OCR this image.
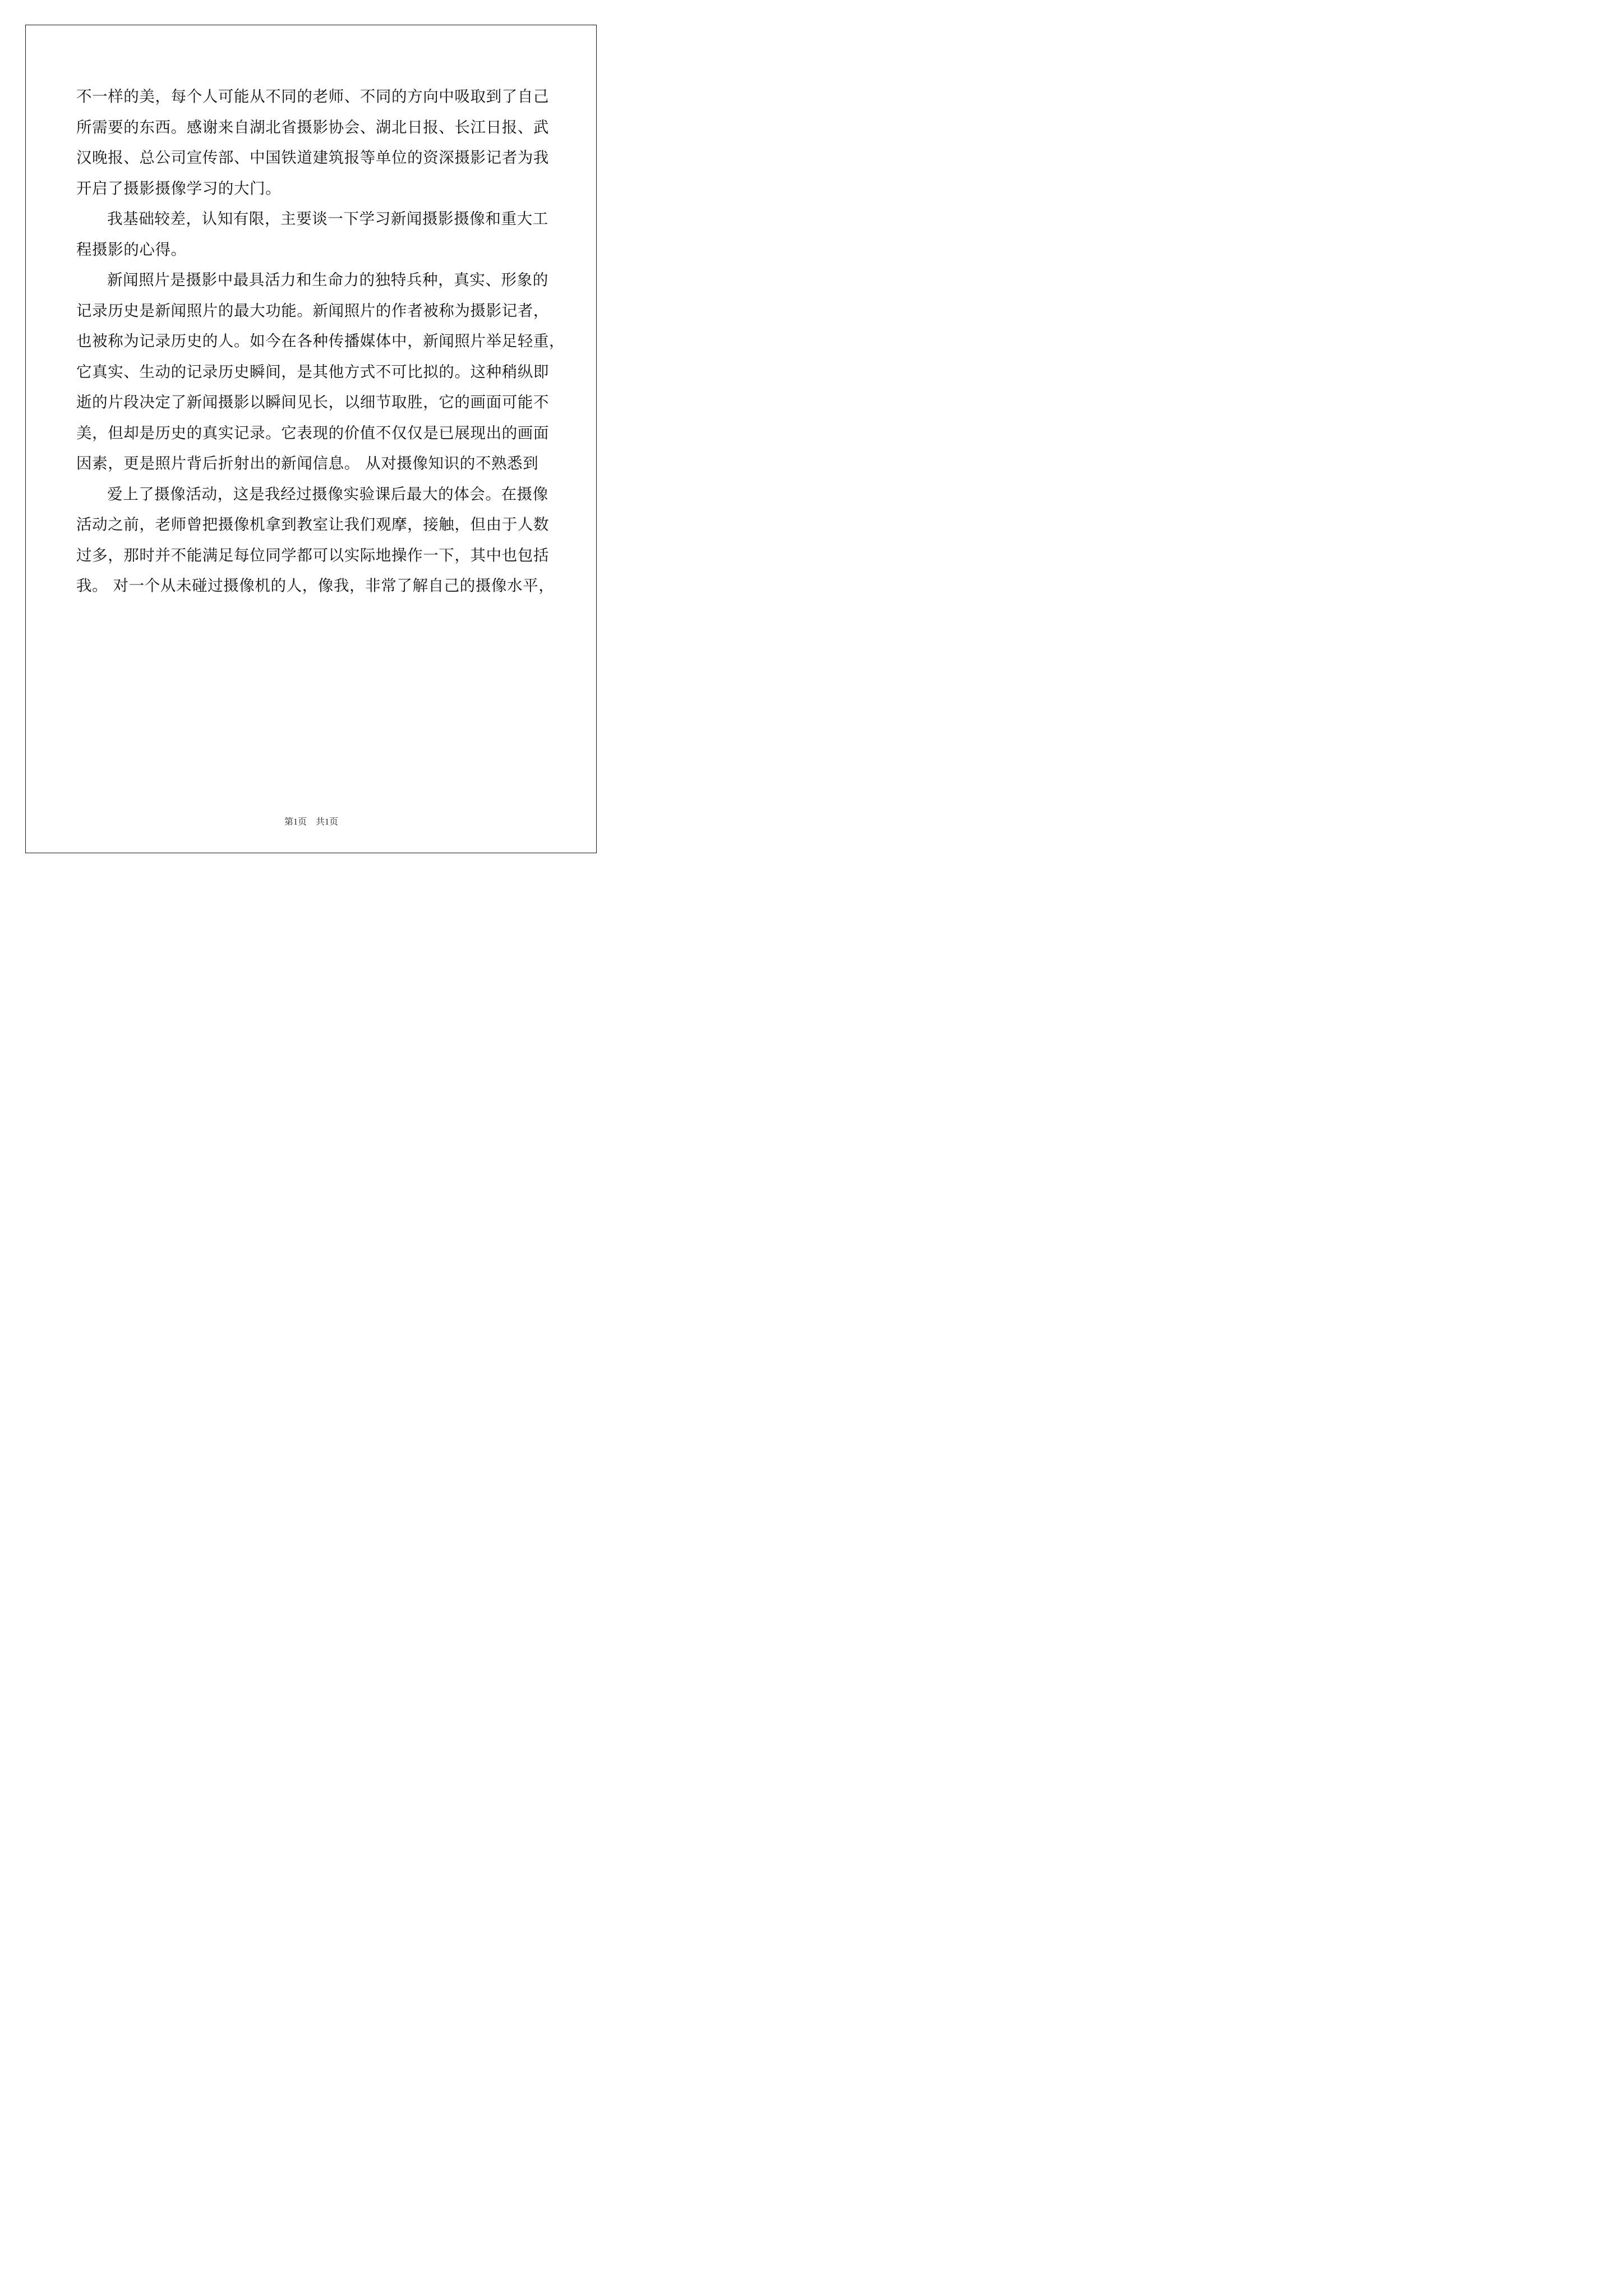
不一样的美，每个人可能从不同的老师、不同的方向中吸取到了自己
所需要的东西。感谢来自湖北省摄影协会、湖北日报、长江日报、武
汉晚报、总公司宣传部、中国铁道建筑报等单位的资深摄影记者为我
开启了摄影摄像学习的大门。
我基础较差，认知有限，主要谈一下学习新闻摄影摄像和重大工
程摄影的心得。
新闻照片是摄影中最具活力和生命力的独特兵种，真实、形象的
记录历史是新闻照片的最大功能。新闻照片的作者被称为摄影记者，
也被称为记录历史的人。如今在各种传播媒体中，新闻照片举足轻重，
它真实、生动的记录历史瞬间，是其他方式不可比拟的。这种稍纵即
逝的片段决定了新闻摄影以瞬间见长，以细节取胜，它的画面可能不
美，但却是历史的真实记录。它表现的价值不仅仅是已展现出的画面
因素，更是照片背后折射出的新闻信息。 从对摄像知识的不熟悉到
爱上了摄像活动，这是我经过摄像实验课后最大的体会。在摄像
活动之前，老师曾把摄像机拿到教室让我们观摩，接触，但由于人数
过多，那时并不能满足每位同学都可以实际地操作一下，其中也包括
我。 对一个从未碰过摄像机的人，像我，非常了解自己的摄像水平，
第1页 共1页
